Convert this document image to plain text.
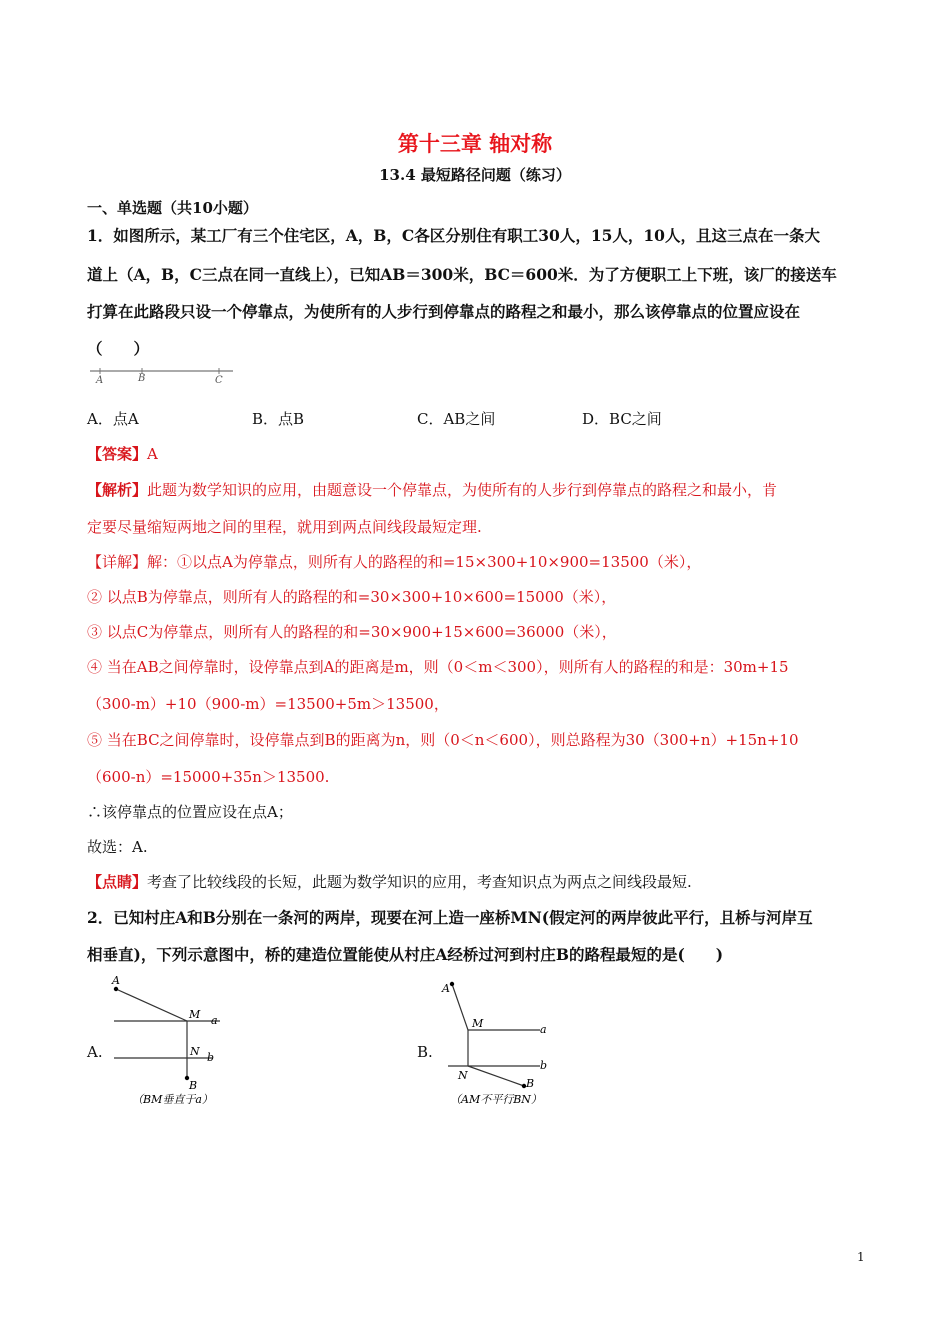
第十三章 轴对称
13.4 最短路径问题（练习）
一、单选题（共10小题）
1．如图所示，某工厂有三个住宅区，A，B，C各区分别住有职工30人，15人，10人，且这三点在一条大
道上（A，B，C三点在同一直线上），已知AB＝300米，BC＝600米．为了方便职工上下班，该厂的接送车
打算在此路段只设一个停靠点，为使所有的人步行到停靠点的路程之和最小，那么该停靠点的位置应设在
（　　）
A	B	C
A．点A	B．点B	C．AB之间	D．BC之间
【答案】A
【解析】此题为数学知识的应用，由题意设一个停靠点，为使所有的人步行到停靠点的路程之和最小，肯
定要尽量缩短两地之间的里程，就用到两点间线段最短定理.
【详解】解：①以点A为停靠点，则所有人的路程的和=15×300+10×900=13500（米），
② 以点B为停靠点，则所有人的路程的和=30×300+10×600=15000（米），
③ 以点C为停靠点，则所有人的路程的和=30×900+15×600=36000（米），
④ 当在AB之间停靠时，设停靠点到A的距离是m，则（0＜m＜300），则所有人的路程的和是：30m+15
（300-m）+10（900-m）=13500+5m＞13500，
⑤ 当在BC之间停靠时，设停靠点到B的距离为n，则（0＜n＜600），则总路程为30（300+n）+15n+10
（600-n）=15000+35n＞13500.
∴该停靠点的位置应设在点A；
故选：A.
【点睛】考查了比较线段的长短，此题为数学知识的应用，考查知识点为两点之间线段最短.
2．已知村庄A和B分别在一条河的两岸，现要在河上造一座桥MN(假定河的两岸彼此平行，且桥与河岸互
相垂直)，下列示意图中，桥的建造位置能使从村庄A经桥过河到村庄B的路程最短的是(　　)
A.	B.
A
M a
N b
B
（BM垂直于a）
A
M	a
N
b
B
（AM不平行BN）
1
